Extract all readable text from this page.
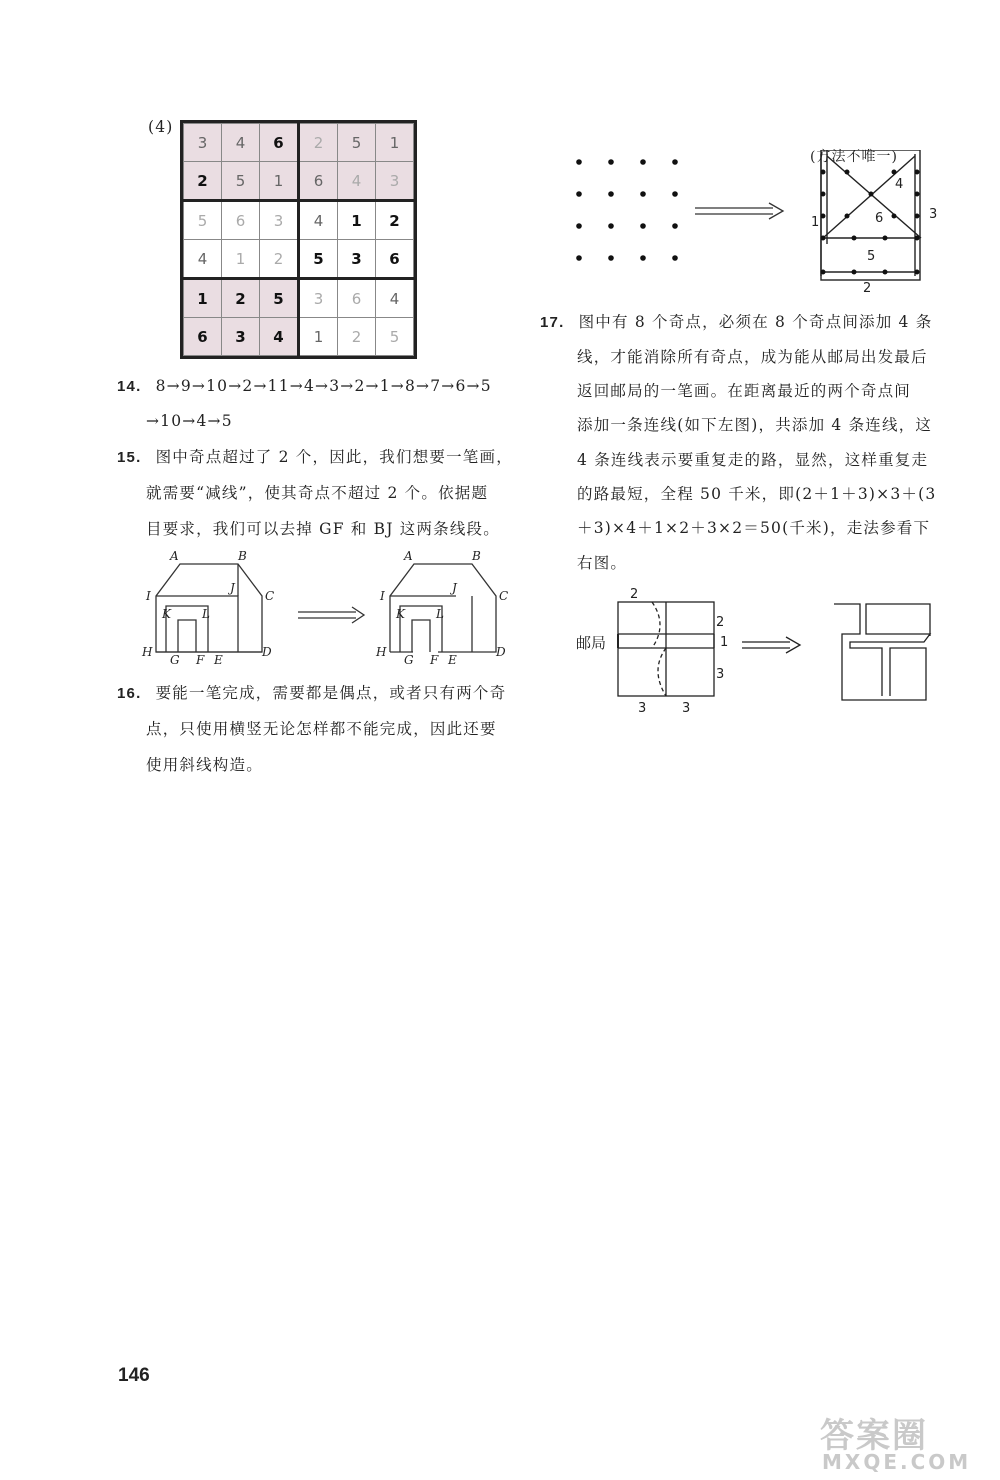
(4)
3	4	6	2	5	1
2	5	1	6	4	3
5	6	3	4	1	2
4	1	2	5	3	6
1	2	5	3	6	4
6	3	4	1	2	5
14. 8→9→10→2→11→4→3→2→1→8→7→6→5
→10→4→5
15. 图中奇点超过了 2 个，因此，我们想要一笔画，
就需要“减线”，使其奇点不超过 2 个。依据题
目要求，我们可以去掉 GF 和 BJ 这两条线段。
A	B
C
D
E
F
G
H
I
J
K	L
A	B
C
D
E
F
G
H
I
J
K	L
16. 要能一笔完成，需要都是偶点，或者只有两个奇
点，只使用横竖无论怎样都不能完成，因此还要
使用斜线构造。
(方法不唯一)
1
2
3
4
5
6
17. 图中有 8 个奇点，必须在 8 个奇点间添加 4 条
线，才能消除所有奇点，成为能从邮局出发最后
返回邮局的一笔画。在距离最近的两个奇点间
添加一条连线(如下左图)，共添加 4 条连线，这
4 条连线表示要重复走的路，显然，这样重复走
的路最短，全程 50 千米，即(2＋1＋3)×3＋(3
＋3)×4＋1×2＋3×2＝50(千米)，走法参看下
右图。
邮局
2
2
1
3
3	3
146
答案圈
MXQE.COM
